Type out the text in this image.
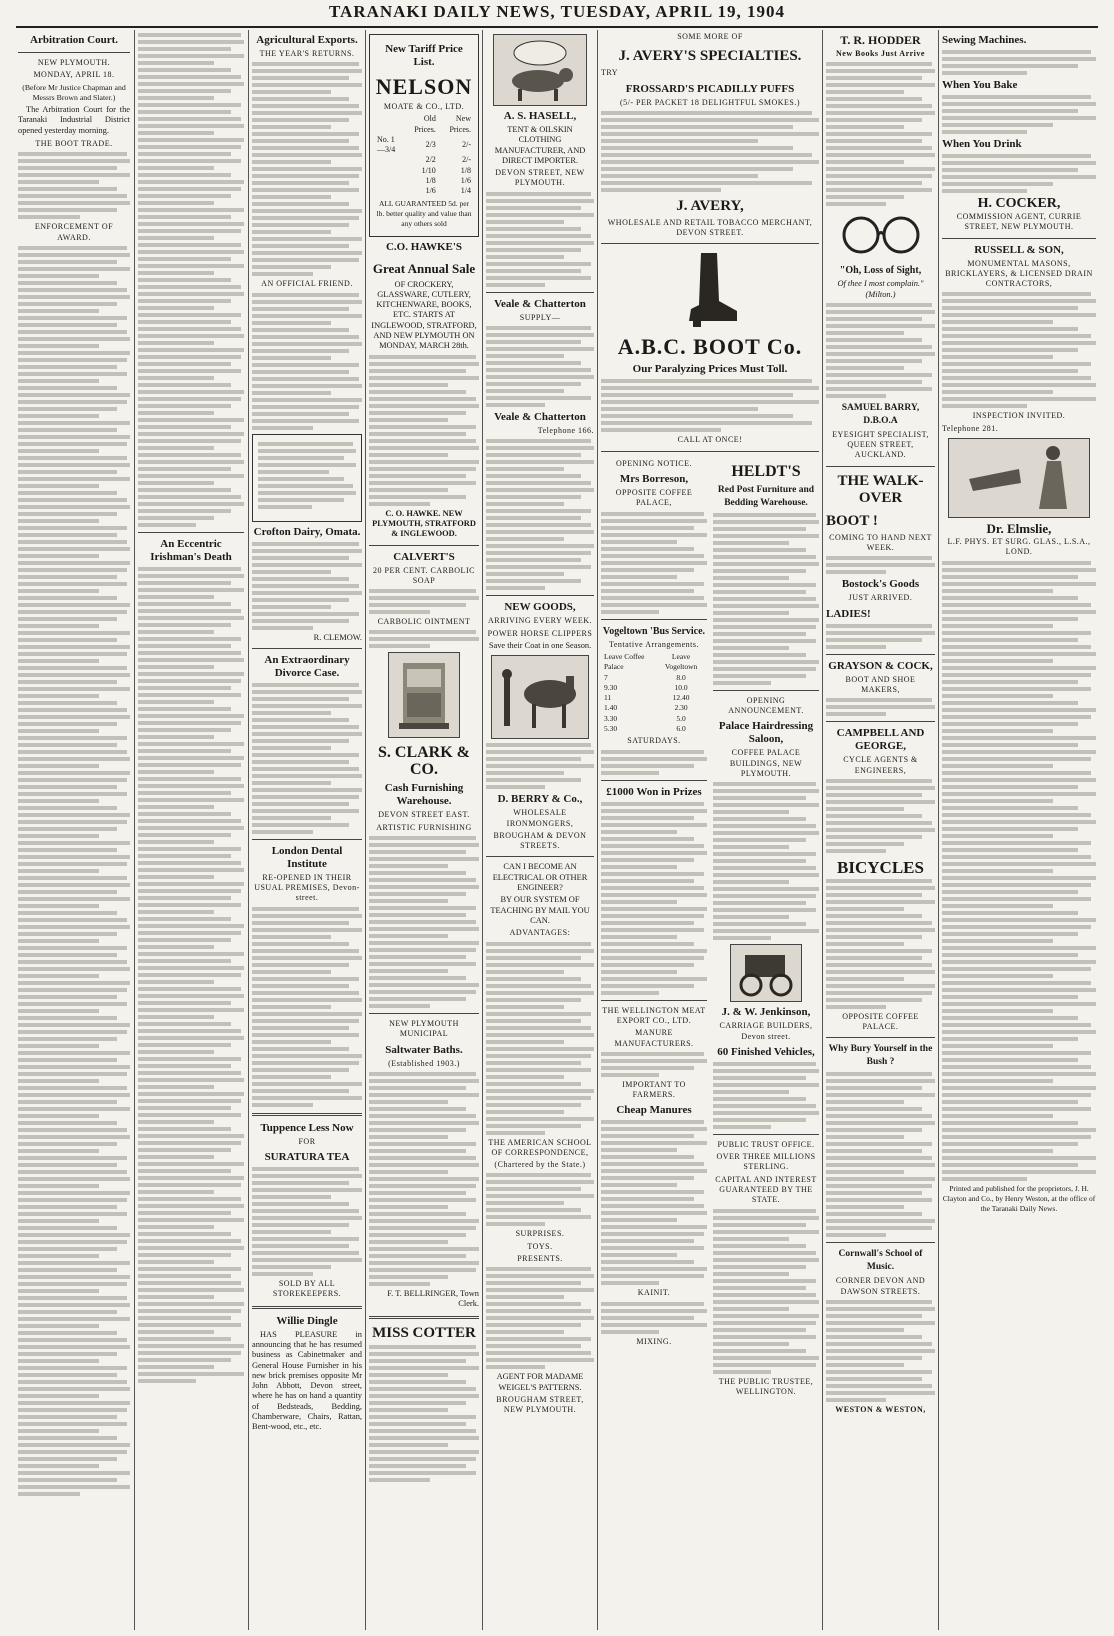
TARANAKI DAILY NEWS, TUESDAY, APRIL 19, 1904
Arbitration Court.
NEW PLYMOUTH.
MONDAY, APRIL 18.
(Before Mr Justice Chapman and Messrs Brown and Slater.)
The Arbitration Court for the Taranaki Industrial District opened yesterday morning.
THE BOOT TRADE.
ENFORCEMENT OF AWARD.
An Eccentric Irishman's Death
Agricultural Exports.
THE YEAR'S RETURNS.
AN OFFICIAL FRIEND.
Crofton Dairy, Omata.
R. CLEMOW.
An Extraordinary Divorce Case.
London Dental Institute
RE-OPENED IN THEIR USUAL PREMISES, Devon-street.
Tuppence Less Now
FOR
SURATURA TEA
SOLD BY ALL STOREKEEPERS.
Willie Dingle
HAS PLEASURE in announcing that he has resumed business as Cabinetmaker and General House Furnisher in his new brick premises opposite Mr John Abbott, Devon street, where he has on hand a quantity of Bedsteads, Bedding, Chamberware, Chairs, Rattan, Bent-wood, etc., etc.
New Tariff Price List.
NELSON
MOATE & CO., LTD.
	Old Prices.	New Prices.
No. 1—3/4	2/3	2/-
	2/2	2/-
	1/10	1/8
	1/8	1/6
	1/6	1/4
ALL GUARANTEED 5d. per lb. better quality and value than any others sold
C.O. HAWKE'S
Great Annual Sale
OF CROCKERY, GLASSWARE, CUTLERY, KITCHENWARE, BOOKS, ETC. STARTS AT INGLEWOOD, STRATFORD, AND NEW PLYMOUTH ON MONDAY, MARCH 28th.
C. O. HAWKE. NEW PLYMOUTH, STRATFORD & INGLEWOOD.
CALVERT'S
20 PER CENT. CARBOLIC SOAP
CARBOLIC OINTMENT
S. CLARK & CO.
Cash Furnishing Warehouse.
DEVON STREET EAST.
ARTISTIC FURNISHING
NEW PLYMOUTH MUNICIPAL
Saltwater Baths.
(Established 1903.)
F. T. BELLRINGER, Town Clerk.
MISS COTTER
A. S. HASELL,
TENT & OILSKIN CLOTHING MANUFACTURER, AND DIRECT IMPORTER.
DEVON STREET, NEW PLYMOUTH.
Veale & Chatterton
SUPPLY—
Veale & Chatterton
Telephone 166.
NEW GOODS,
ARRIVING EVERY WEEK.
POWER HORSE CLIPPERS
Save their Coat in one Season.
D. BERRY & Co.,
WHOLESALE IRONMONGERS,
BROUGHAM & DEVON STREETS.
CAN I BECOME AN ELECTRICAL OR OTHER ENGINEER?
BY OUR SYSTEM OF TEACHING BY MAIL YOU CAN.
ADVANTAGES:
THE AMERICAN SCHOOL OF CORRESPONDENCE,
(Chartered by the State.)
SURPRISES.
TOYS.
PRESENTS.
AGENT FOR MADAME WEIGEL'S PATTERNS.
BROUGHAM STREET, NEW PLYMOUTH.
SOME MORE OF
J. AVERY'S SPECIALTIES.
TRY
FROSSARD'S PICADILLY PUFFS
(5/- PER PACKET 18 DELIGHTFUL SMOKES.)
J. AVERY,
WHOLESALE AND RETAIL TOBACCO MERCHANT, DEVON STREET.
A.B.C. BOOT Co.
Our Paralyzing Prices Must Toll.
CALL AT ONCE!
OPENING NOTICE.
Mrs Borreson,
OPPOSITE COFFEE PALACE,
Vogeltown 'Bus Service.
Tentative Arrangements.
Leave Coffee Palace	Leave Vogeltown
7	8.0
9.30	10.0
11	12.40
1.40	2.30
3.30	5.0
5.30	6.0
SATURDAYS.
£1000 Won in Prizes
THE WELLINGTON MEAT EXPORT CO., LTD.
MANURE MANUFACTURERS.
IMPORTANT TO FARMERS.
Cheap Manures
KAINIT.
MIXING.
HELDT'S
Red Post Furniture and Bedding Warehouse.
OPENING ANNOUNCEMENT.
Palace Hairdressing Saloon,
COFFEE PALACE BUILDINGS, NEW PLYMOUTH.
J. & W. Jenkinson,
CARRIAGE BUILDERS, Devon street.
60 Finished Vehicles,
PUBLIC TRUST OFFICE.
OVER THREE MILLIONS STERLING.
CAPITAL AND INTEREST GUARANTEED BY THE STATE.
THE PUBLIC TRUSTEE, WELLINGTON.
T. R. HODDER
New Books Just Arrive
"Oh, Loss of Sight,
Of thee I most complain." (Milton.)
SAMUEL BARRY, D.B.O.A
EYESIGHT SPECIALIST, QUEEN STREET, AUCKLAND.
THE WALK-OVER
BOOT !
COMING TO HAND NEXT WEEK.
Bostock's Goods
JUST ARRIVED.
LADIES!
GRAYSON & COCK,
BOOT AND SHOE MAKERS,
CAMPBELL AND GEORGE,
CYCLE AGENTS & ENGINEERS,
BICYCLES
OPPOSITE COFFEE PALACE.
Why Bury Yourself in the Bush ?
Cornwall's School of Music.
CORNER DEVON AND DAWSON STREETS.
WESTON & WESTON,
Sewing Machines.
When You Bake
When You Drink
H. COCKER,
COMMISSION AGENT, CURRIE STREET, NEW PLYMOUTH.
RUSSELL & SON,
MONUMENTAL MASONS, BRICKLAYERS, & LICENSED DRAIN CONTRACTORS,
INSPECTION INVITED.
Telephone 281.
Dr. Elmslie,
L.F. PHYS. ET SURG. GLAS., L.S.A., LOND.
Printed and published for the proprietors, J. H. Clayton and Co., by Henry Weston, at the office of the Taranaki Daily News.
